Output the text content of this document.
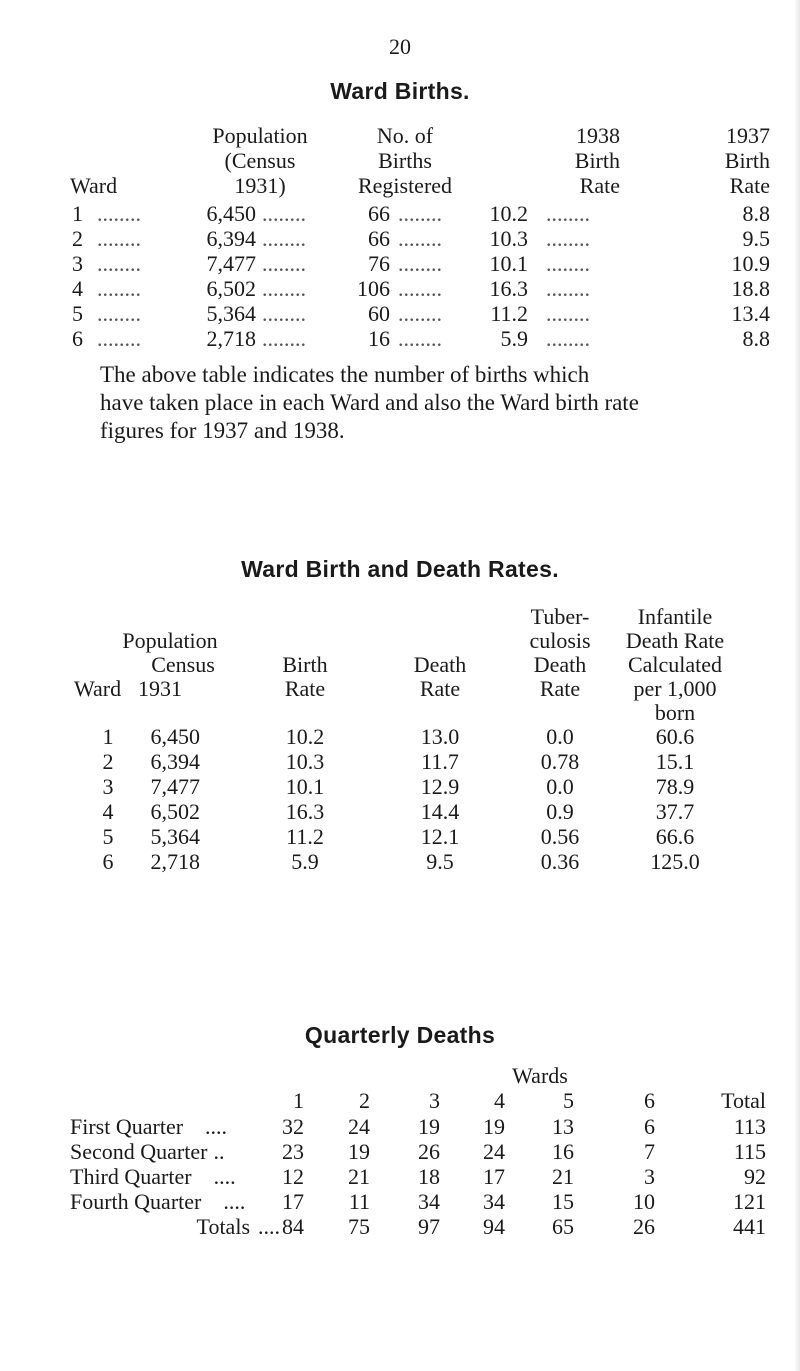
20
Ward Births.
Ward
Population
(Census
1931)
No. of
Births
Registered
1938
Birth
Rate
1937
Birth
Rate
1 ........	6,450 ........	66 ........	10.2 ........	8.8
2 ........	6,394 ........	66 ........	10.3 ........	9.5
3 ........	7,477 ........	76 ........	10.1 ........	10.9
4 ........	6,502 ........	106 ........	16.3 ........	18.8
5 ........	5,364 ........	60 ........	11.2 ........	13.4
6 ........	2,718 ........	16 ........	5.9 ........	8.8
The above table indicates the number of births which
have taken place in each Ward and also the Ward birth rate
figures for 1937 and 1938.
Ward Birth and Death Rates.
Ward
Population
Census
1931
Birth
Rate
Death
Rate
Tuber-
culosis
Death
Rate
Infantile
Death Rate
Calculated
per 1,000
born
1	6,450	10.2	13.0	0.0	60.6
2	6,394	10.3	11.7	0.78	15.1
3	7,477	10.1	12.9	0.0	78.9
4	6,502	16.3	14.4	0.9	37.7
5	5,364	11.2	12.1	0.56	66.6
6	2,718	5.9	9.5	0.36	125.0
Quarterly Deaths
Wards
1	2	3	4	5	6	Total
First Quarter ....	32	24	19	19	13	6	113
Second Quarter ..	23	19	26	24	16	7	115
Third Quarter ....	12	21	18	17	21	3	92
Fourth Quarter ....	17	11	34	34	15	10	121
Totals .... 84	75	97	94	65	26	441
